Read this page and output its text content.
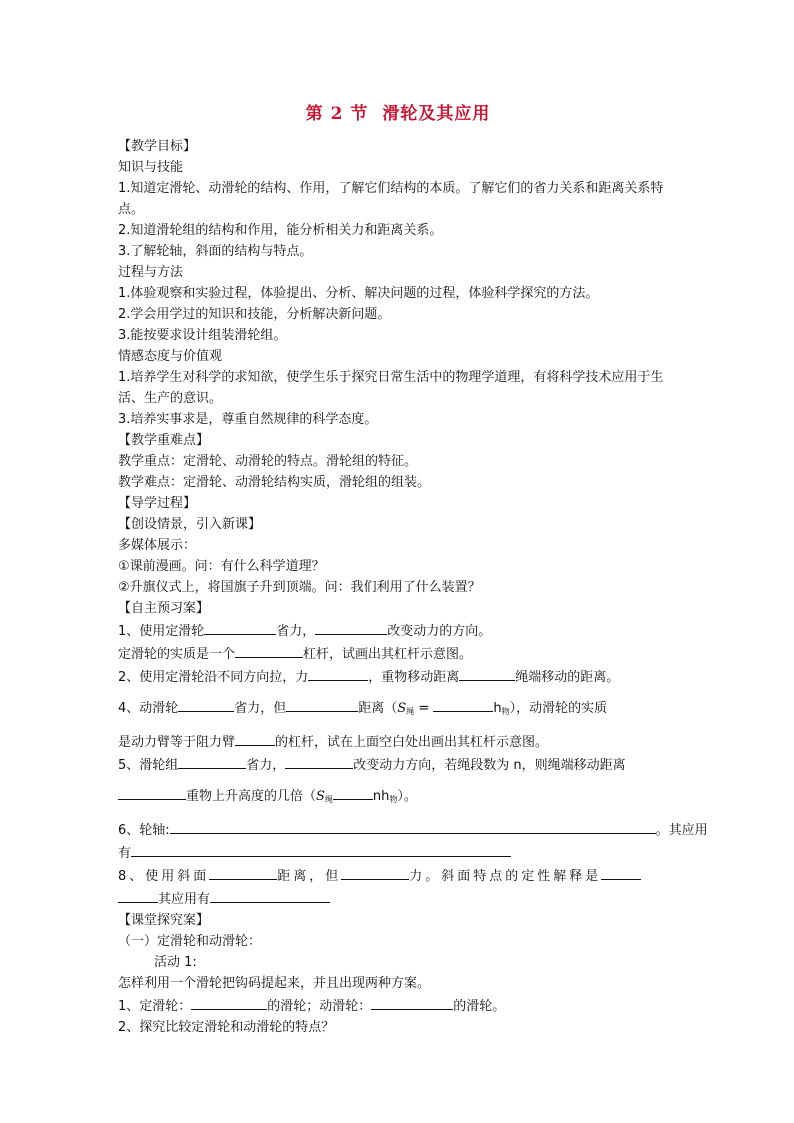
第 2 节 滑轮及其应用
【教学目标】
知识与技能
1.知道定滑轮、动滑轮的结构、作用，了解它们结构的本质。了解它们的省力关系和距离关系特点。
2.知道滑轮组的结构和作用，能分析相关力和距离关系。
3.了解轮轴，斜面的结构与特点。
过程与方法
1.体验观察和实验过程，体验提出、分析、解决问题的过程，体验科学探究的方法。
2.学会用学过的知识和技能，分析解决新问题。
3.能按要求设计组装滑轮组。
情感态度与价值观
1.培养学生对科学的求知欲，使学生乐于探究日常生活中的物理学道理，有将科学技术应用于生活、生产的意识。
3.培养实事求是，尊重自然规律的科学态度。
【教学重难点】
教学重点：定滑轮、动滑轮的特点。滑轮组的特征。
教学难点：定滑轮、动滑轮结构实质，滑轮组的组装。
【导学过程】
【创设情景，引入新课】
多媒体展示：
①课前漫画。问：有什么科学道理？
②升旗仪式上，将国旗子升到顶端。问：我们利用了什么装置？
【自主预习案】
1、使用定滑轮	省力，	改变动力的方向。
定滑轮的实质是一个	杠杆，试画出其杠杆示意图。
2、使用定滑轮沿不同方向拉，力	，重物移动距离	绳端移动的距离。
4、动滑轮	省力，但	距离（$S_绳$ =	$h_物$），动滑轮的实质
是动力臂等于阻力臂	的杠杆，试在上面空白处出画出其杠杆示意图。
5、滑轮组	省力，	改变动力方向，若绳段数为 n，则绳端移动距离
重物上升高度的几倍（$S_绳$	$nh_物$）。
6、轮轴:	。其应用
有
8、使用斜面	距离，但	力。斜面特点的定性解释是
其应用有
【课堂探究案】
（一）定滑轮和动滑轮：
活动 1:
怎样利用一个滑轮把钩码提起来，并且出现两种方案。
1、定滑轮：	的滑轮；动滑轮：	的滑轮。
2、探究比较定滑轮和动滑轮的特点？
